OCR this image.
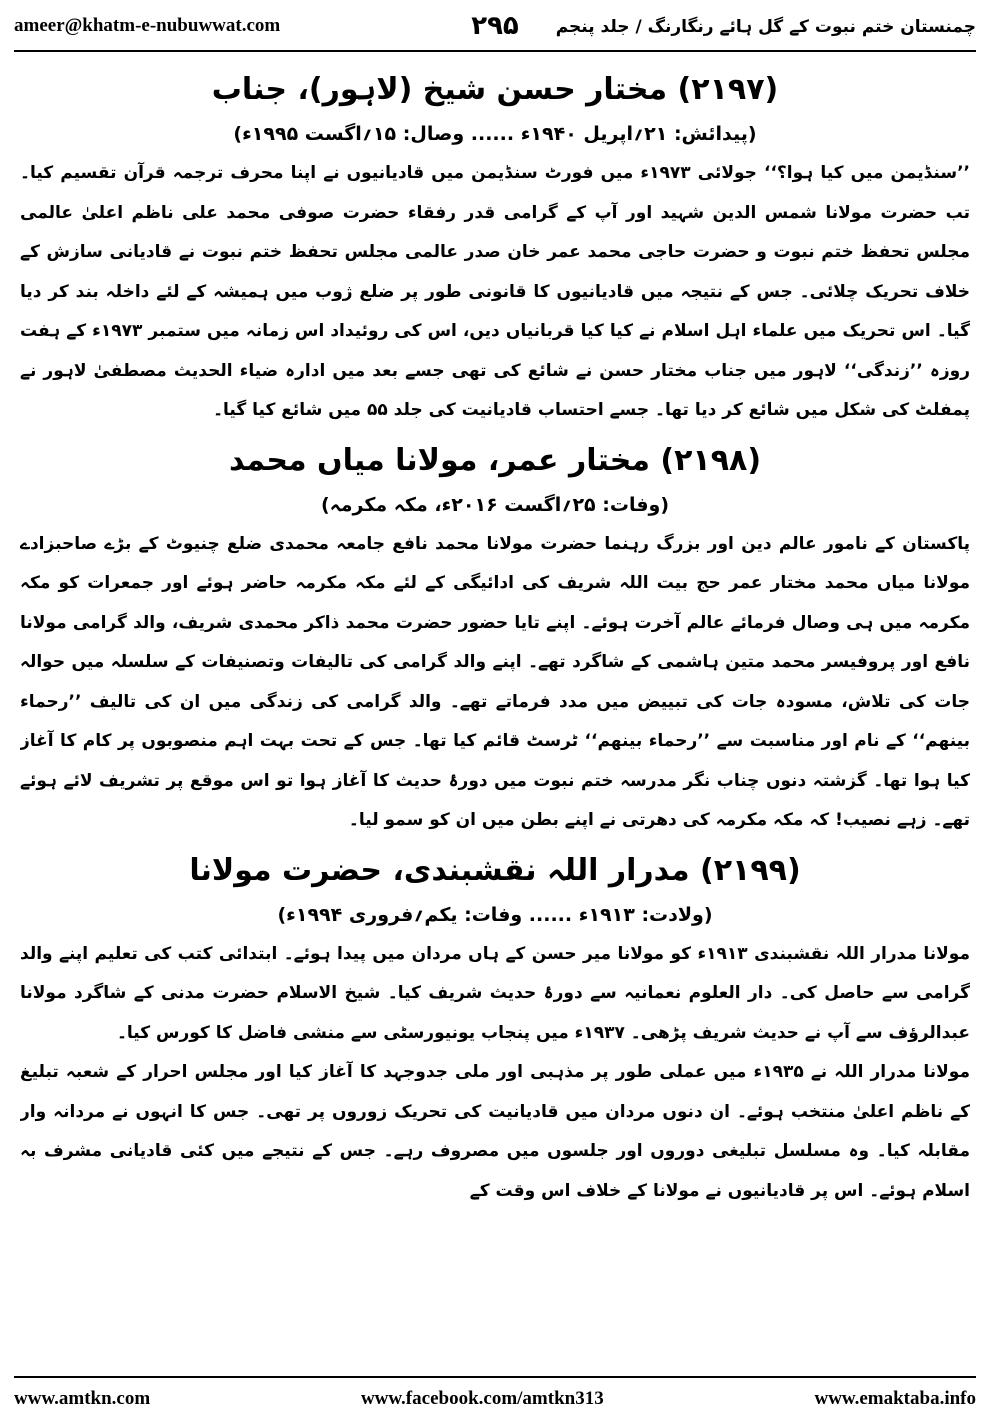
ameer@khatm-e-nubuwwat.com	۲۹۵ چمنستان ختم نبوت کے گل ہائے رنگارنگ / جلد پنجم
(۲۱۹۷) مختار حسن شیخ (لاہور)، جناب
(پیدائش: ۲۱؍اپریل ۱۹۴۰ء ...... وصال: ۱۵؍اگست ۱۹۹۵ء)

’’سنڈیمن میں کیا ہوا؟‘‘ جولائی ۱۹۷۳ء میں فورٹ سنڈیمن میں قادیانیوں نے اپنا محرف ترجمہ قرآن تقسیم کیا۔ تب حضرت مولانا شمس الدین شہید اور آپ کے گرامی قدر رفقاء حضرت صوفی محمد علی ناظم اعلیٰ عالمی مجلس تحفظ ختم نبوت و حضرت حاجی محمد عمر خان صدر عالمی مجلس تحفظ ختم نبوت نے قادیانی سازش کے خلاف تحریک چلائی۔ جس کے نتیجہ میں قادیانیوں کا قانونی طور پر ضلع ژوب میں ہمیشہ کے لئے داخلہ بند کر دیا گیا۔ اس تحریک میں علماء اہل اسلام نے کیا کیا قربانیاں دیں، اس کی روئیداد اس زمانہ میں ستمبر ۱۹۷۳ء کے ہفت روزہ ’’زندگی‘‘ لاہور میں جناب مختار حسن نے شائع کی تھی جسے بعد میں ادارہ ضیاء الحدیث مصطفیٰ لاہور نے پمفلٹ کی شکل میں شائع کر دیا تھا۔ جسے احتساب قادیانیت کی جلد ۵۵ میں شائع کیا گیا۔

(۲۱۹۸) مختار عمر، مولانا میاں محمد
(وفات: ۲۵؍اگست ۲۰۱۶ء، مکہ مکرمہ)

پاکستان کے نامور عالم دین اور بزرگ رہنما حضرت مولانا محمد نافع جامعہ محمدی ضلع چنیوٹ کے بڑے صاحبزادے مولانا میاں محمد مختار عمر حج بیت اللہ شریف کی ادائیگی کے لئے مکہ مکرمہ حاضر ہوئے اور جمعرات کو مکہ مکرمہ میں ہی وصال فرمائے عالم آخرت ہوئے۔ اپنے تایا حضور حضرت محمد ذاکر محمدی شریف، والد گرامی مولانا نافع اور پروفیسر محمد متین ہاشمی کے شاگرد تھے۔ اپنے والد گرامی کی تالیفات وتصنیفات کے سلسلہ میں حوالہ جات کی تلاش، مسودہ جات کی تبییض میں مدد فرماتے تھے۔ والد گرامی کی زندگی میں ان کی تالیف ’’رحماء بینھم‘‘ کے نام اور مناسبت سے ’’رحماء بینھم‘‘ ٹرسٹ قائم کیا تھا۔ جس کے تحت بہت اہم منصوبوں پر کام کا آغاز کیا ہوا تھا۔ گزشتہ دنوں چناب نگر مدرسہ ختم نبوت میں دورۂ حدیث کا آغاز ہوا تو اس موقع پر تشریف لائے ہوئے تھے۔ زہے نصیب! کہ مکہ مکرمہ کی دھرتی نے اپنے بطن میں ان کو سمو لیا۔

(۲۱۹۹) مدرار اللہ نقشبندی، حضرت مولانا
(ولادت: ۱۹۱۳ء ...... وفات: یکم؍فروری ۱۹۹۴ء)

مولانا مدرار اللہ نقشبندی ۱۹۱۳ء کو مولانا میر حسن کے ہاں مردان میں پیدا ہوئے۔ ابتدائی کتب کی تعلیم اپنے والد گرامی سے حاصل کی۔ دار العلوم نعمانیہ سے دورۂ حدیث شریف کیا۔ شیخ الاسلام حضرت مدنی کے شاگرد مولانا عبدالرؤف سے آپ نے حدیث شریف پڑھی۔ ۱۹۳۷ء میں پنجاب یونیورسٹی سے منشی فاضل کا کورس کیا۔

مولانا مدرار اللہ نے ۱۹۳۵ء میں عملی طور پر مذہبی اور ملی جدوجہد کا آغاز کیا اور مجلس احرار کے شعبہ تبلیغ کے ناظم اعلیٰ منتخب ہوئے۔ ان دنوں مردان میں قادیانیت کی تحریک زوروں پر تھی۔ جس کا انہوں نے مردانہ وار مقابلہ کیا۔ وہ مسلسل تبلیغی دوروں اور جلسوں میں مصروف رہے۔ جس کے نتیجے میں کئی قادیانی مشرف بہ اسلام ہوئے۔ اس پر قادیانیوں نے مولانا کے خلاف اس وقت کے

www.amtkn.com	www.facebook.com/amtkn313	www.emaktaba.info
